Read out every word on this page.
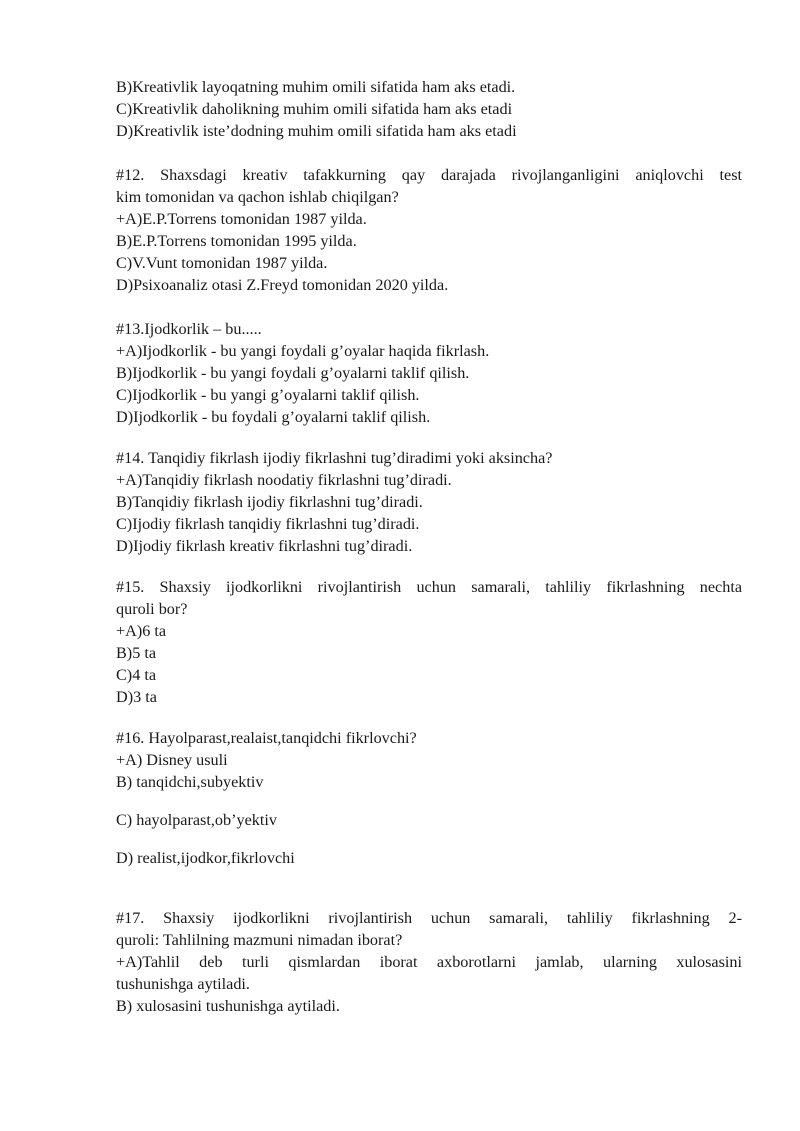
B)Kreativlik layoqatning muhim omili sifatida ham aks etadi.
C)Kreativlik daholikning muhim omili sifatida ham aks etadi
D)Kreativlik iste’dodning muhim omili sifatida ham aks etadi
#12. Shaxsdagi kreativ tafakkurning qay darajada rivojlanganligini aniqlovchi test
kim tomonidan va qachon ishlab chiqilgan?
+A)E.P.Torrens tomonidan 1987 yilda.
B)E.P.Torrens tomonidan 1995 yilda.
C)V.Vunt tomonidan 1987 yilda.
D)Psixoanaliz otasi Z.Freyd tomonidan 2020 yilda.
#13.Ijodkorlik – bu.....
+A)Ijodkorlik - bu yangi foydali g’oyalar haqida fikrlash.
B)Ijodkorlik - bu yangi foydali g’oyalarni taklif qilish.
C)Ijodkorlik - bu yangi g’oyalarni taklif qilish.
D)Ijodkorlik - bu foydali g’oyalarni taklif qilish.
#14. Tanqidiy fikrlash ijodiy fikrlashni tug’diradimi yoki aksincha?
+A)Tanqidiy fikrlash noodatiy fikrlashni tug’diradi.
B)Tanqidiy fikrlash ijodiy fikrlashni tug’diradi.
C)Ijodiy fikrlash tanqidiy fikrlashni tug’diradi.
D)Ijodiy fikrlash kreativ fikrlashni tug’diradi.
#15. Shaxsiy ijodkorlikni rivojlantirish uchun samarali, tahliliy fikrlashning nechta
quroli bor?
+A)6 ta
B)5 ta
C)4 ta
D)3 ta
#16. Hayolparast,realaist,tanqidchi fikrlovchi?
+A) Disney usuli
B) tanqidchi,subyektiv
C) hayolparast,ob’yektiv
D) realist,ijodkor,fikrlovchi
#17. Shaxsiy ijodkorlikni rivojlantirish uchun samarali, tahliliy fikrlashning 2-
quroli: Tahlilning mazmuni nimadan iborat?
+A)Tahlil deb turli qismlardan iborat axborotlarni jamlab, ularning xulosasini
tushunishga aytiladi.
B) xulosasini tushunishga aytiladi.
